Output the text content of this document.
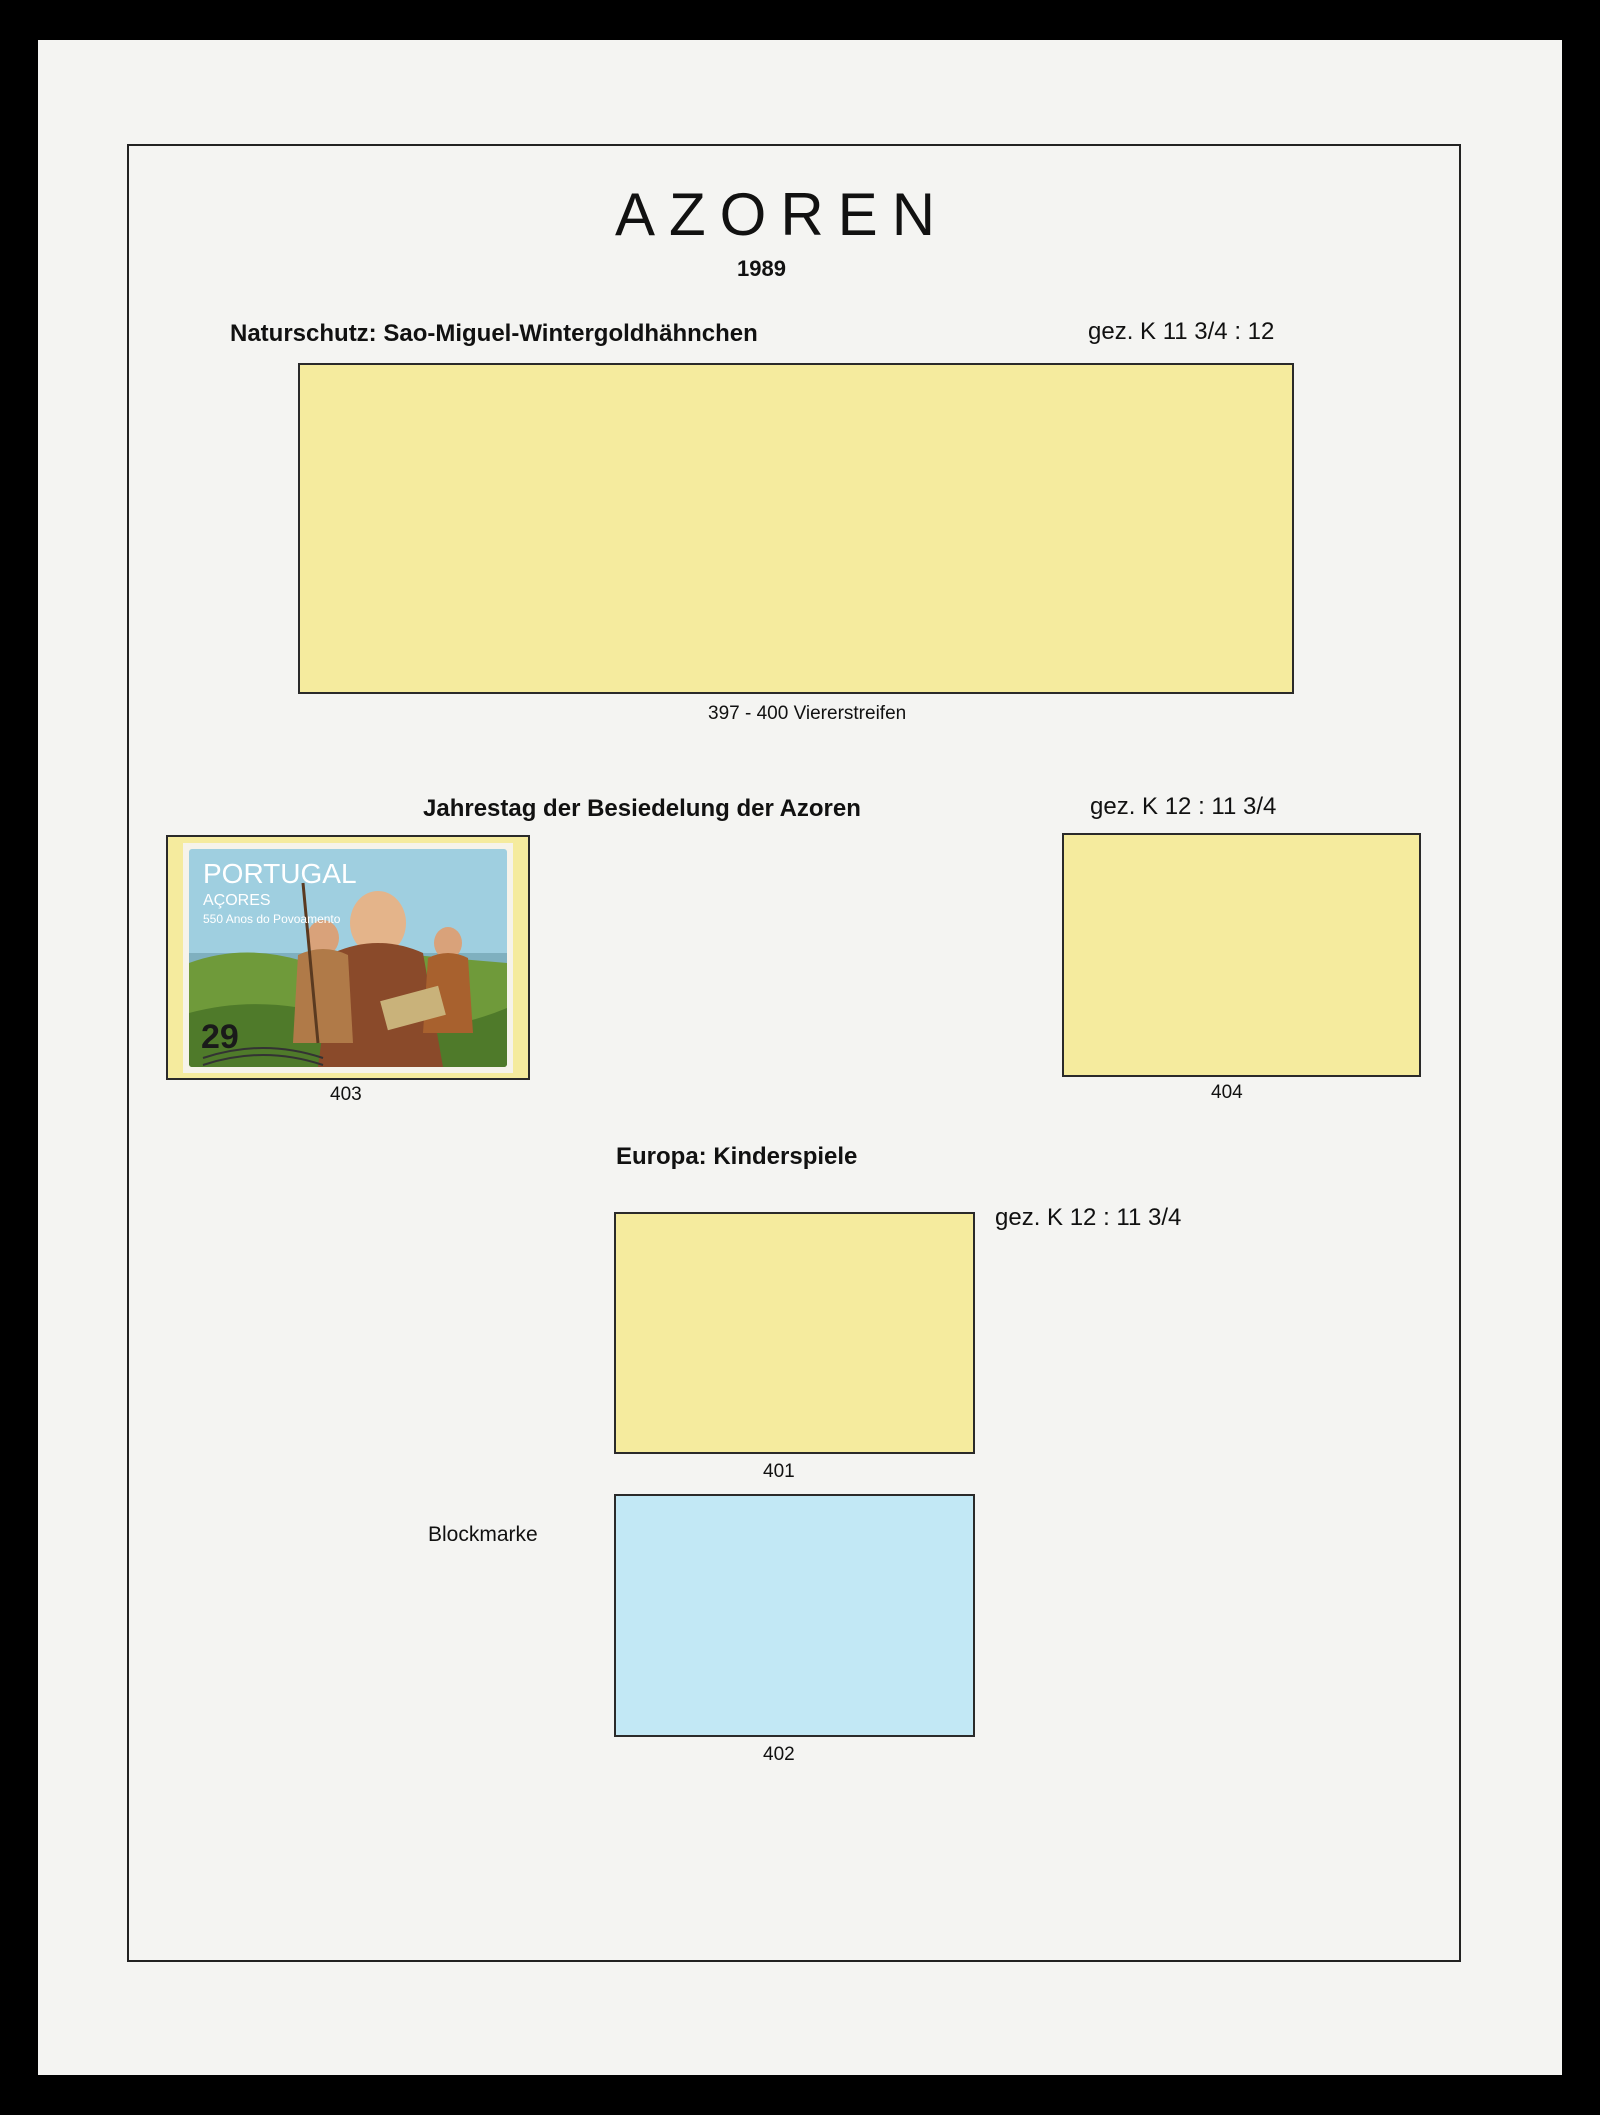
AZOREN
1989
Naturschutz: Sao-Miguel-Wintergoldhähnchen	gez. K 11 3/4 : 12
397 - 400 Viererstreifen
Jahrestag der Besiedelung der Azoren	gez. K 12 : 11 3/4
PORTUGAL
AÇORES
550 Anos do Povoamento
29
403	404
Europa: Kinderspiele
gez. K 12 : 11 3/4
401
Blockmarke
402
